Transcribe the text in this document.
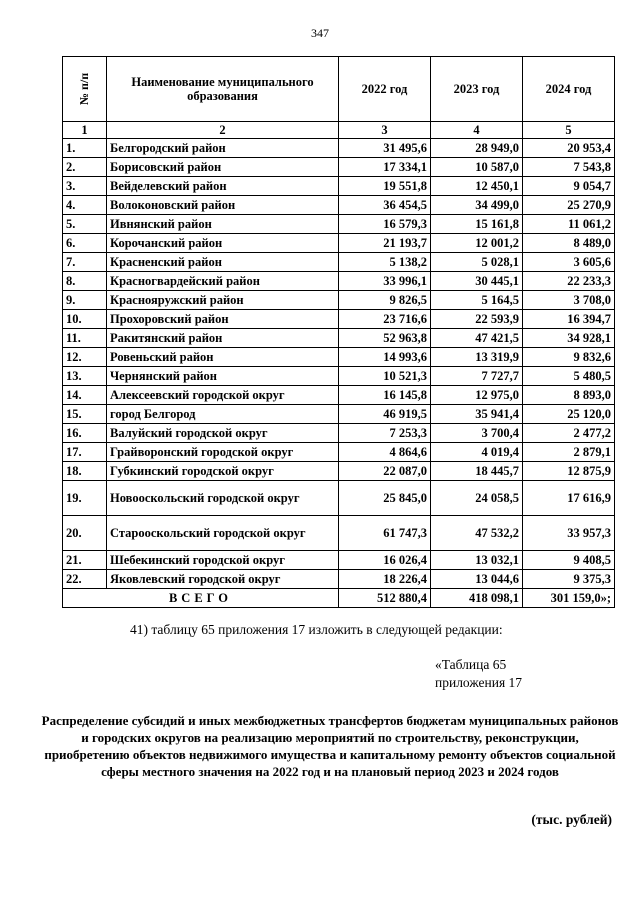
347
№ п/п	Наименование муниципального образования	2022 год	2023 год	2024 год
1	2	3	4	5
1.	Белгородский район	31 495,6	28 949,0	20 953,4
2.	Борисовский район	17 334,1	10 587,0	7 543,8
3.	Вейделевский район	19 551,8	12 450,1	9 054,7
4.	Волоконовский район	36 454,5	34 499,0	25 270,9
5.	Ивнянский район	16 579,3	15 161,8	11 061,2
6.	Корочанский район	21 193,7	12 001,2	8 489,0
7.	Красненский район	5 138,2	5 028,1	3 605,6
8.	Красногвардейский район	33 996,1	30 445,1	22 233,3
9.	Краснояружский район	9 826,5	5 164,5	3 708,0
10.	Прохоровский район	23 716,6	22 593,9	16 394,7
11.	Ракитянский район	52 963,8	47 421,5	34 928,1
12.	Ровеньский район	14 993,6	13 319,9	9 832,6
13.	Чернянский район	10 521,3	7 727,7	5 480,5
14.	Алексеевский городской округ	16 145,8	12 975,0	8 893,0
15.	город Белгород	46 919,5	35 941,4	25 120,0
16.	Валуйский городской округ	7 253,3	3 700,4	2 477,2
17.	Грайворонский городской округ	4 864,6	4 019,4	2 879,1
18.	Губкинский городской округ	22 087,0	18 445,7	12 875,9
19.	Новооскольский городской округ	25 845,0	24 058,5	17 616,9
20.	Старооскольский городской округ	61 747,3	47 532,2	33 957,3
21.	Шебекинский городской округ	16 026,4	13 032,1	9 408,5
22.	Яковлевский городской округ	18 226,4	13 044,6	9 375,3
ВСЕГО		512 880,4	418 098,1	301 159,0»;
41) таблицу 65 приложения 17 изложить в следующей редакции:
«Таблица 65
приложения 17
Распределение субсидий и иных межбюджетных трансфертов бюджетам муниципальных районов и городских округов на реализацию мероприятий по строительству, реконструкции, приобретению объектов недвижимого имущества и капитальному ремонту объектов социальной сферы местного значения на 2022 год и на плановый период 2023 и 2024 годов
(тыс. рублей)
